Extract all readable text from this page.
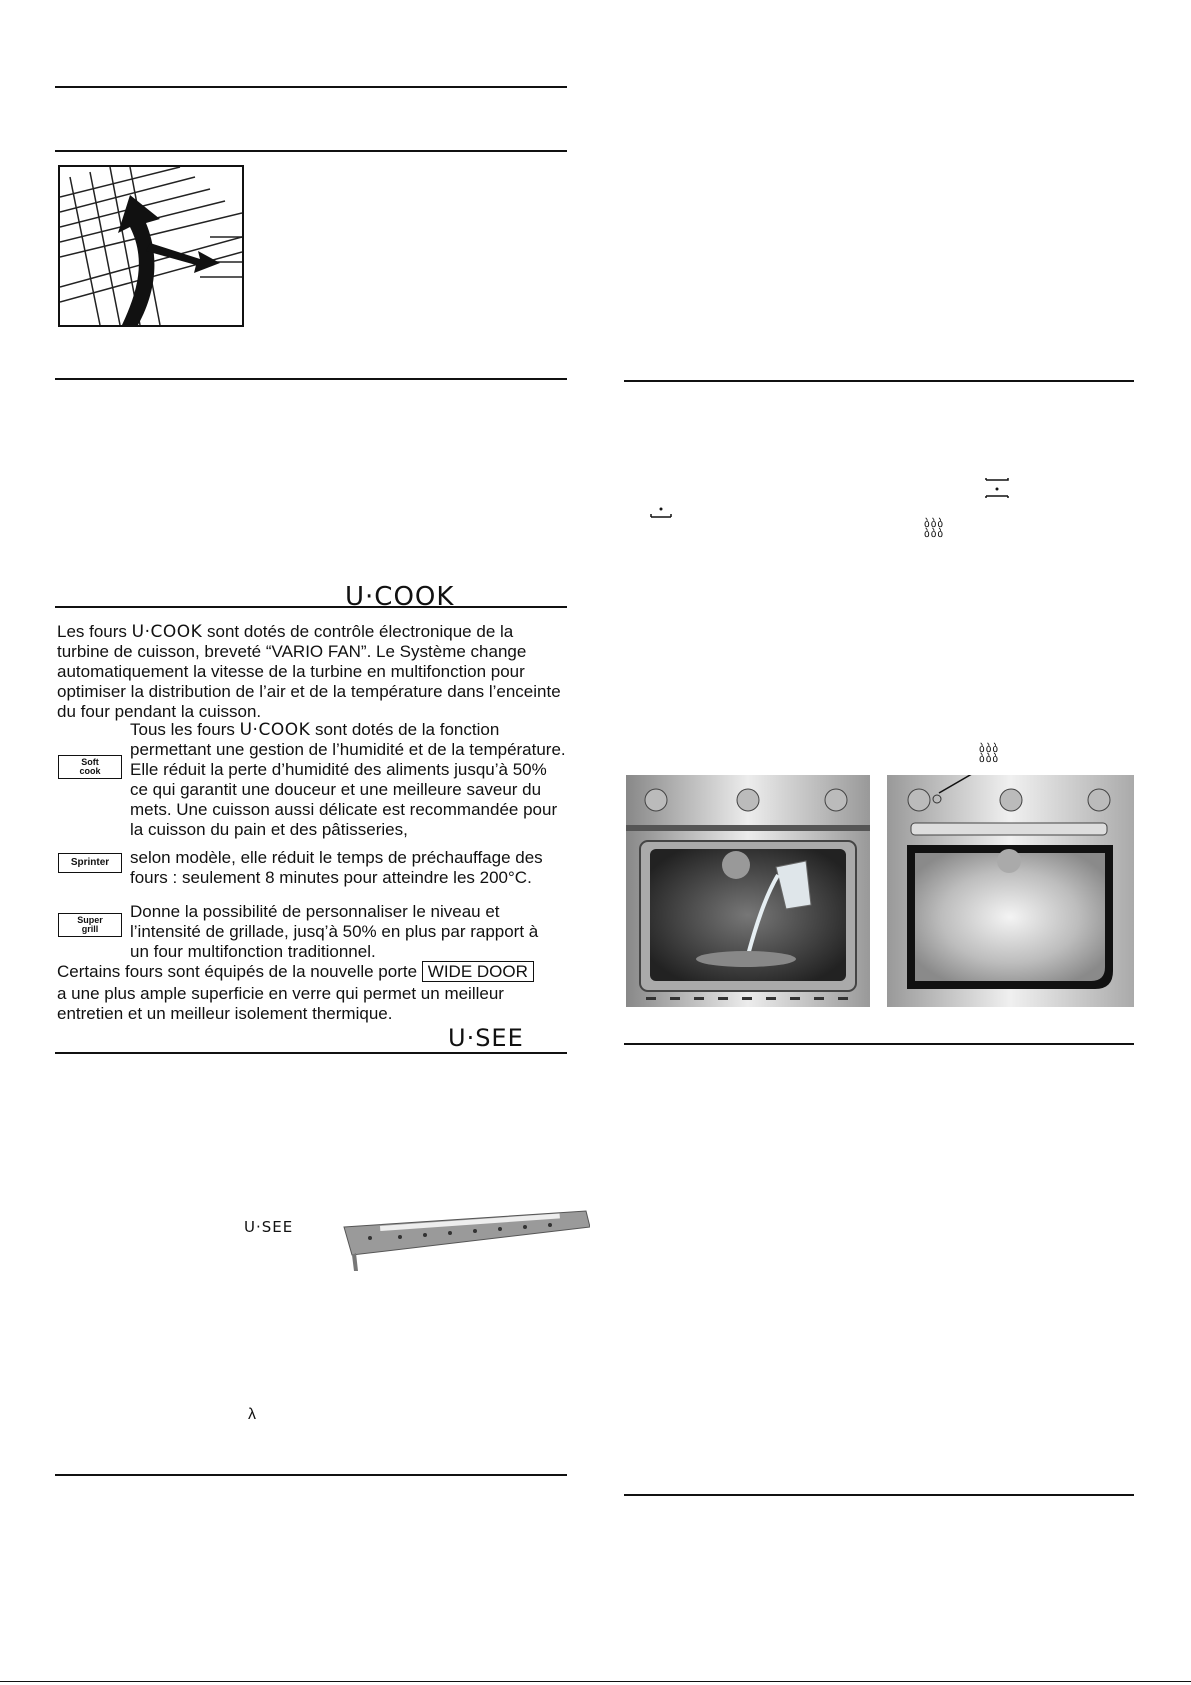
U·COOK
Les fours U·COOK sont dotés de contrôle électronique de la
turbine de cuisson, breveté “VARIO FAN”. Le Système change
automatiquement la vitesse de la turbine en multifonction pour
optimiser la distribution de l’air et de la température dans l’enceinte
du four pendant la cuisson.
Tous les fours U·COOK sont dotés de la fonction
permettant une gestion de l’humidité et de la température.
Elle réduit la perte d’humidité des aliments jusqu’à 50%
ce qui garantit une douceur et une meilleure saveur du
mets. Une cuisson aussi délicate est recommandée pour
la cuisson du pain et des pâtisseries,
Soft
cook
Sprinter	selon modèle, elle réduit le temps de préchauffage des
fours : seulement 8 minutes pour atteindre les 200°C.
Super
grill
Donne la possibilité de personnaliser le niveau et
l’intensité de grillade, jusq’à 50% en plus par rapport à
un four multifonction traditionnel.
Certains fours sont équipés de la nouvelle porte WIDE DOOR
a une plus ample superficie en verre qui permet un meilleur
entretien et un meilleur isolement thermique.
U·SEE
U·SEE
λ
ბბბ
ბბბ
ბბბ
ბბბ
